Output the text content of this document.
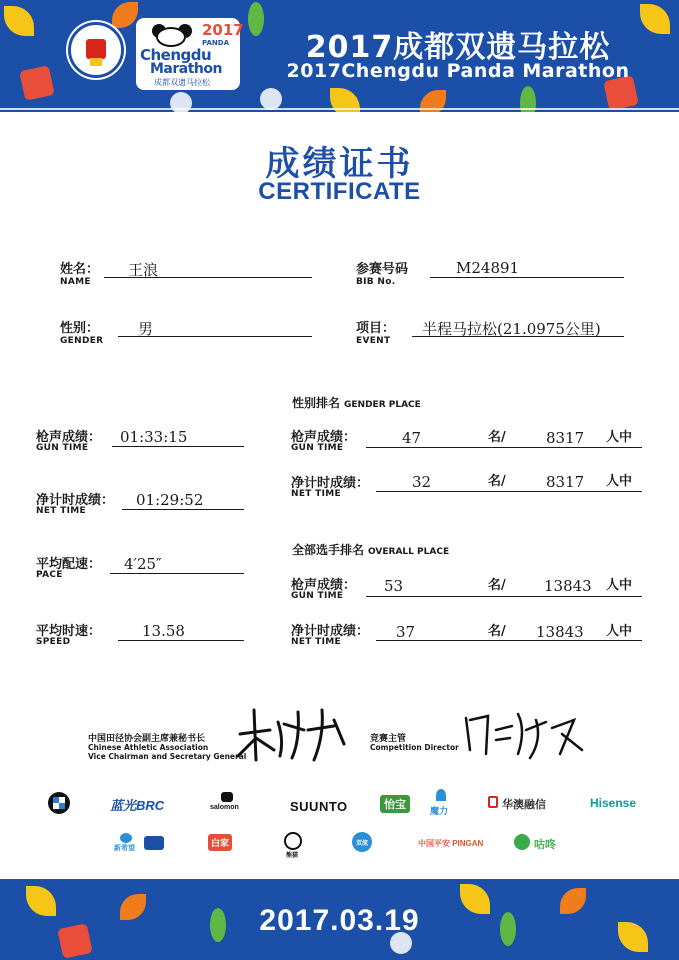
2017
PANDA
Chengdu
Marathon
成都双遗马拉松
2017成都双遗马拉松
2017Chengdu Panda Marathon
成绩证书
CERTIFICATE
姓名：
NAME
王浪	参赛号码
BIB No.
M24891
性别：
GENDER
男	项目：
EVENT
半程马拉松(21.0975公里)
枪声成绩：
GUN TIME
01:33:15
净计时成绩：
NET TIME
01:29:52
平均配速：
PACE
4′25″
平均时速：
SPEED
13.58
性别排名 GENDER PLACE
枪声成绩：
GUN TIME
47	名/	8317 人中
净计时成绩：
NET TIME
32	名/	8317 人中
全部选手排名 OVERALL PLACE
枪声成绩：
GUN TIME
53	名/	13843 人中
净计时成绩：
NET TIME
37	名/ 13843 人中
中国田径协会副主席兼秘书长
Chinese Athletic Association
Vice Chairman and Secretary General
竞赛主管
Competition Director
蓝光BRC	salomon	SUUNTO	怡宝	魔力	华澳融信	Hisense
新希望
白家
熊猫
双流	中国平安 PINGAN	咕咚
2017.03.19
